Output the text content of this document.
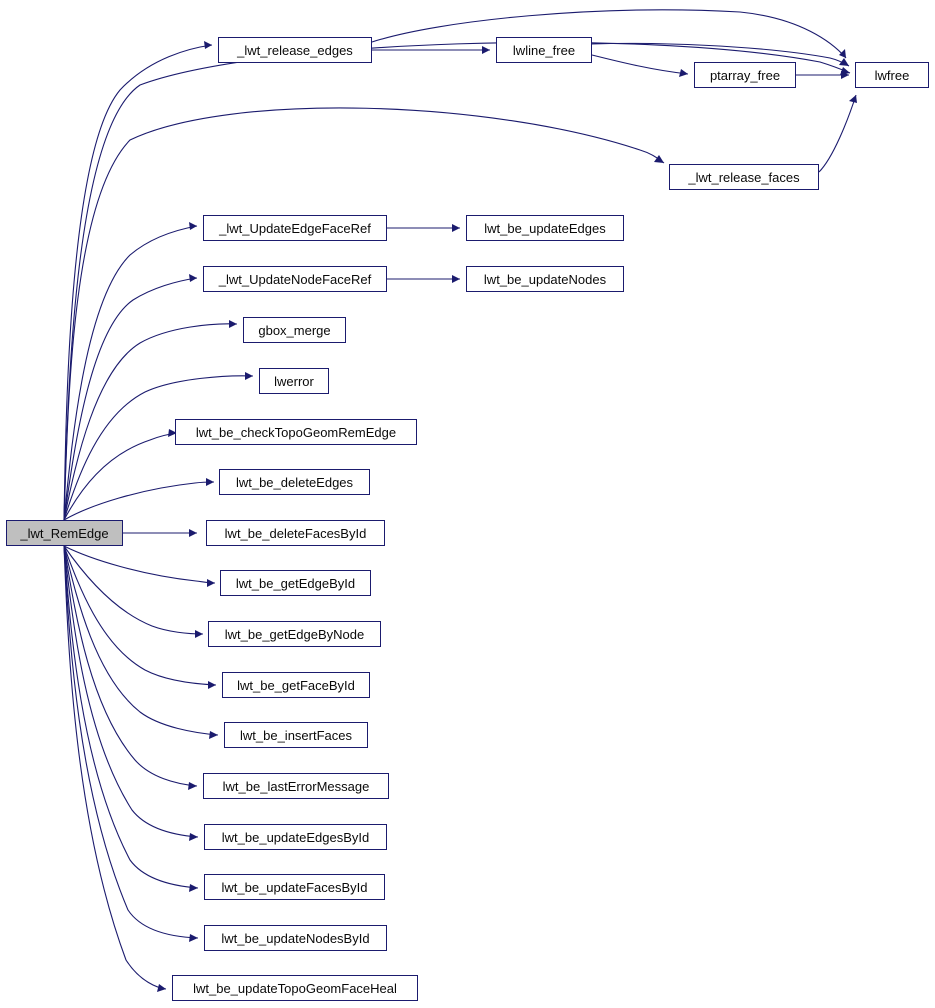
_lwt_RemEdge
_lwt_release_edges	lwline_free
ptarray_free	lwfree
_lwt_release_faces
_lwt_UpdateEdgeFaceRef	lwt_be_updateEdges
_lwt_UpdateNodeFaceRef	lwt_be_updateNodes
gbox_merge
lwerror
lwt_be_checkTopoGeomRemEdge
lwt_be_deleteEdges
lwt_be_deleteFacesById
lwt_be_getEdgeById
lwt_be_getEdgeByNode
lwt_be_getFaceById
lwt_be_insertFaces
lwt_be_lastErrorMessage
lwt_be_updateEdgesById
lwt_be_updateFacesById
lwt_be_updateNodesById
lwt_be_updateTopoGeomFaceHeal
